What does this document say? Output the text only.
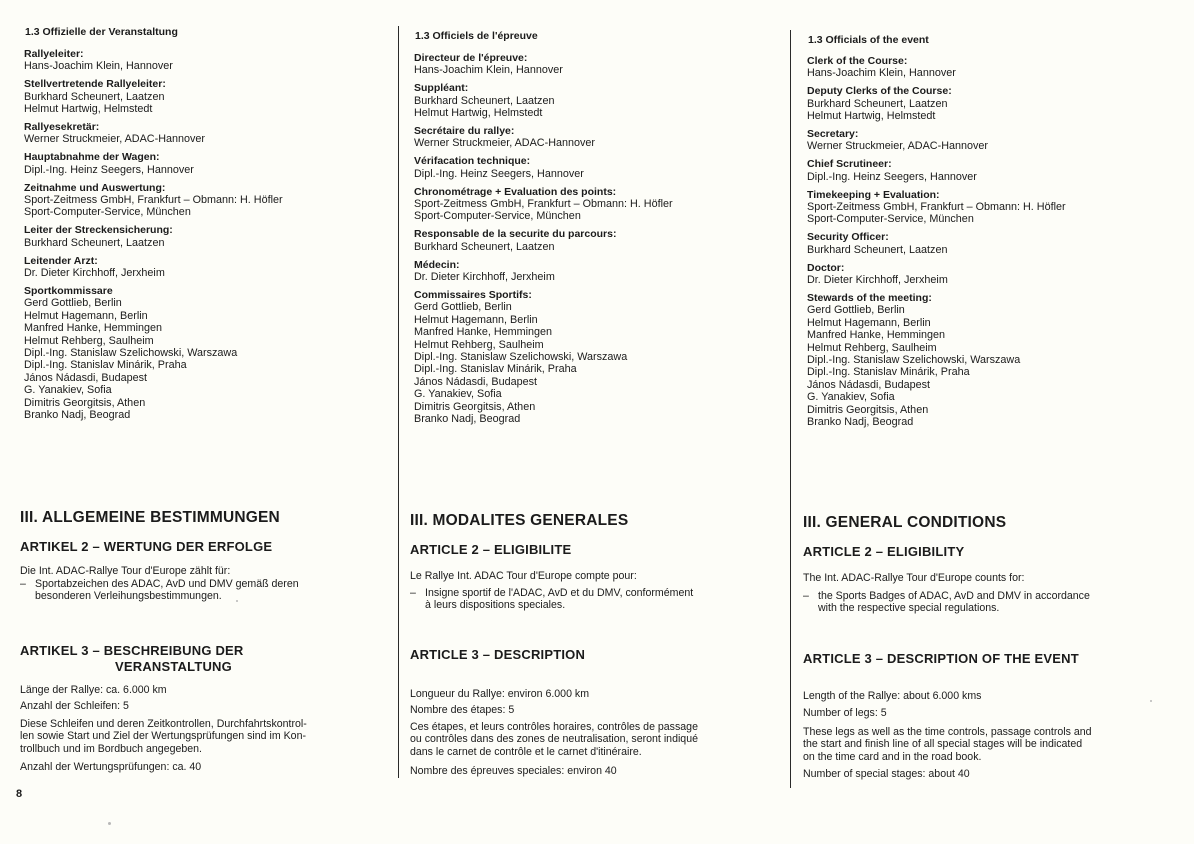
1.3 Offizielle der Veranstaltung

Rallyeleiter:
Hans-Joachim Klein, Hannover
Stellvertretende Rallyeleiter:
Burkhard Scheunert, Laatzen
Helmut Hartwig, Helmstedt
Rallyesekretär:
Werner Struckmeier, ADAC-Hannover
Hauptabnahme der Wagen:
Dipl.-Ing. Heinz Seegers, Hannover
Zeitnahme und Auswertung:
Sport-Zeitmess GmbH, Frankfurt – Obmann: H. Höfler
Sport-Computer-Service, München
Leiter der Streckensicherung:
Burkhard Scheunert, Laatzen
Leitender Arzt:
Dr. Dieter Kirchhoff, Jerxheim
Sportkommissare
Gerd Gottlieb, Berlin
Helmut Hagemann, Berlin
Manfred Hanke, Hemmingen
Helmut Rehberg, Saulheim
Dipl.-Ing. Stanislaw Szelichowski, Warszawa
Dipl.-Ing. Stanislav Minárik, Praha
János Nádasdi, Budapest
G. Yanakiev, Sofia
Dimitris Georgitsis, Athen
Branko Nadj, Beograd
III. ALLGEMEINE BESTIMMUNGEN
ARTIKEL 2 – WERTUNG DER ERFOLGE

Die Int. ADAC-Rallye Tour d'Europe zählt für:

– Sportabzeichen des ADAC, AvD und DMV gemäß deren
besonderen Verleihungsbestimmungen.
ARTIKEL 3 – BESCHREIBUNG DER
VERANSTALTUNG

Länge der Rallye: ca. 6.000 km

Anzahl der Schleifen: 5

Diese Schleifen und deren Zeitkontrollen, Durchfahrtskontrol-
len sowie Start und Ziel der Wertungsprüfungen sind im Kon-
trollbuch und im Bordbuch angegeben.

Anzahl der Wertungsprüfungen: ca. 40

1.3 Officiels de l'épreuve

Directeur de l'épreuve:
Hans-Joachim Klein, Hannover
Suppléant:
Burkhard Scheunert, Laatzen
Helmut Hartwig, Helmstedt
Secrétaire du rallye:
Werner Struckmeier, ADAC-Hannover
Vérifacation technique:
Dipl.-Ing. Heinz Seegers, Hannover
Chronométrage + Evaluation des points:
Sport-Zeitmess GmbH, Frankfurt – Obmann: H. Höfler
Sport-Computer-Service, München
Responsable de la securite du parcours:
Burkhard Scheunert, Laatzen
Médecin:
Dr. Dieter Kirchhoff, Jerxheim
Commissaires Sportifs:
Gerd Gottlieb, Berlin
Helmut Hagemann, Berlin
Manfred Hanke, Hemmingen
Helmut Rehberg, Saulheim
Dipl.-Ing. Stanislaw Szelichowski, Warszawa
Dipl.-Ing. Stanislav Minárik, Praha
János Nádasdi, Budapest
G. Yanakiev, Sofia
Dimitris Georgitsis, Athen
Branko Nadj, Beograd
III. MODALITES GENERALES
ARTICLE 2 – ELIGIBILITE

Le Rallye Int. ADAC Tour d'Europe compte pour:

– Insigne sportif de l'ADAC, AvD et du DMV, conformément
à leurs dispositions speciales.
ARTICLE 3 – DESCRIPTION

Longueur du Rallye: environ 6.000 km

Nombre des étapes: 5

Ces étapes, et leurs contrôles horaires, contrôles de passage
ou contrôles dans des zones de neutralisation, seront indiqué
dans le carnet de contrôle et le carnet d'itinéraire.

Nombre des épreuves speciales: environ 40

1.3 Officials of the event

Clerk of the Course:
Hans-Joachim Klein, Hannover
Deputy Clerks of the Course:
Burkhard Scheunert, Laatzen
Helmut Hartwig, Helmstedt
Secretary:
Werner Struckmeier, ADAC-Hannover
Chief Scrutineer:
Dipl.-Ing. Heinz Seegers, Hannover
Timekeeping + Evaluation:
Sport-Zeitmess GmbH, Frankfurt – Obmann: H. Höfler
Sport-Computer-Service, München
Security Officer:
Burkhard Scheunert, Laatzen
Doctor:
Dr. Dieter Kirchhoff, Jerxheim
Stewards of the meeting:
Gerd Gottlieb, Berlin
Helmut Hagemann, Berlin
Manfred Hanke, Hemmingen
Helmut Rehberg, Saulheim
Dipl.-Ing. Stanislaw Szelichowski, Warszawa
Dipl.-Ing. Stanislav Minárik, Praha
János Nádasdi, Budapest
G. Yanakiev, Sofia
Dimitris Georgitsis, Athen
Branko Nadj, Beograd
III. GENERAL CONDITIONS
ARTICLE 2 – ELIGIBILITY

The Int. ADAC-Rallye Tour d'Europe counts for:

– the Sports Badges of ADAC, AvD and DMV in accordance
with the respective special regulations.
ARTICLE 3 – DESCRIPTION OF THE EVENT

Length of the Rallye: about 6.000 kms

Number of legs: 5

These legs as well as the time controls, passage controls and
the start and finish line of all special stages will be indicated
on the time card and in the road book.

Number of special stages: about 40

8
